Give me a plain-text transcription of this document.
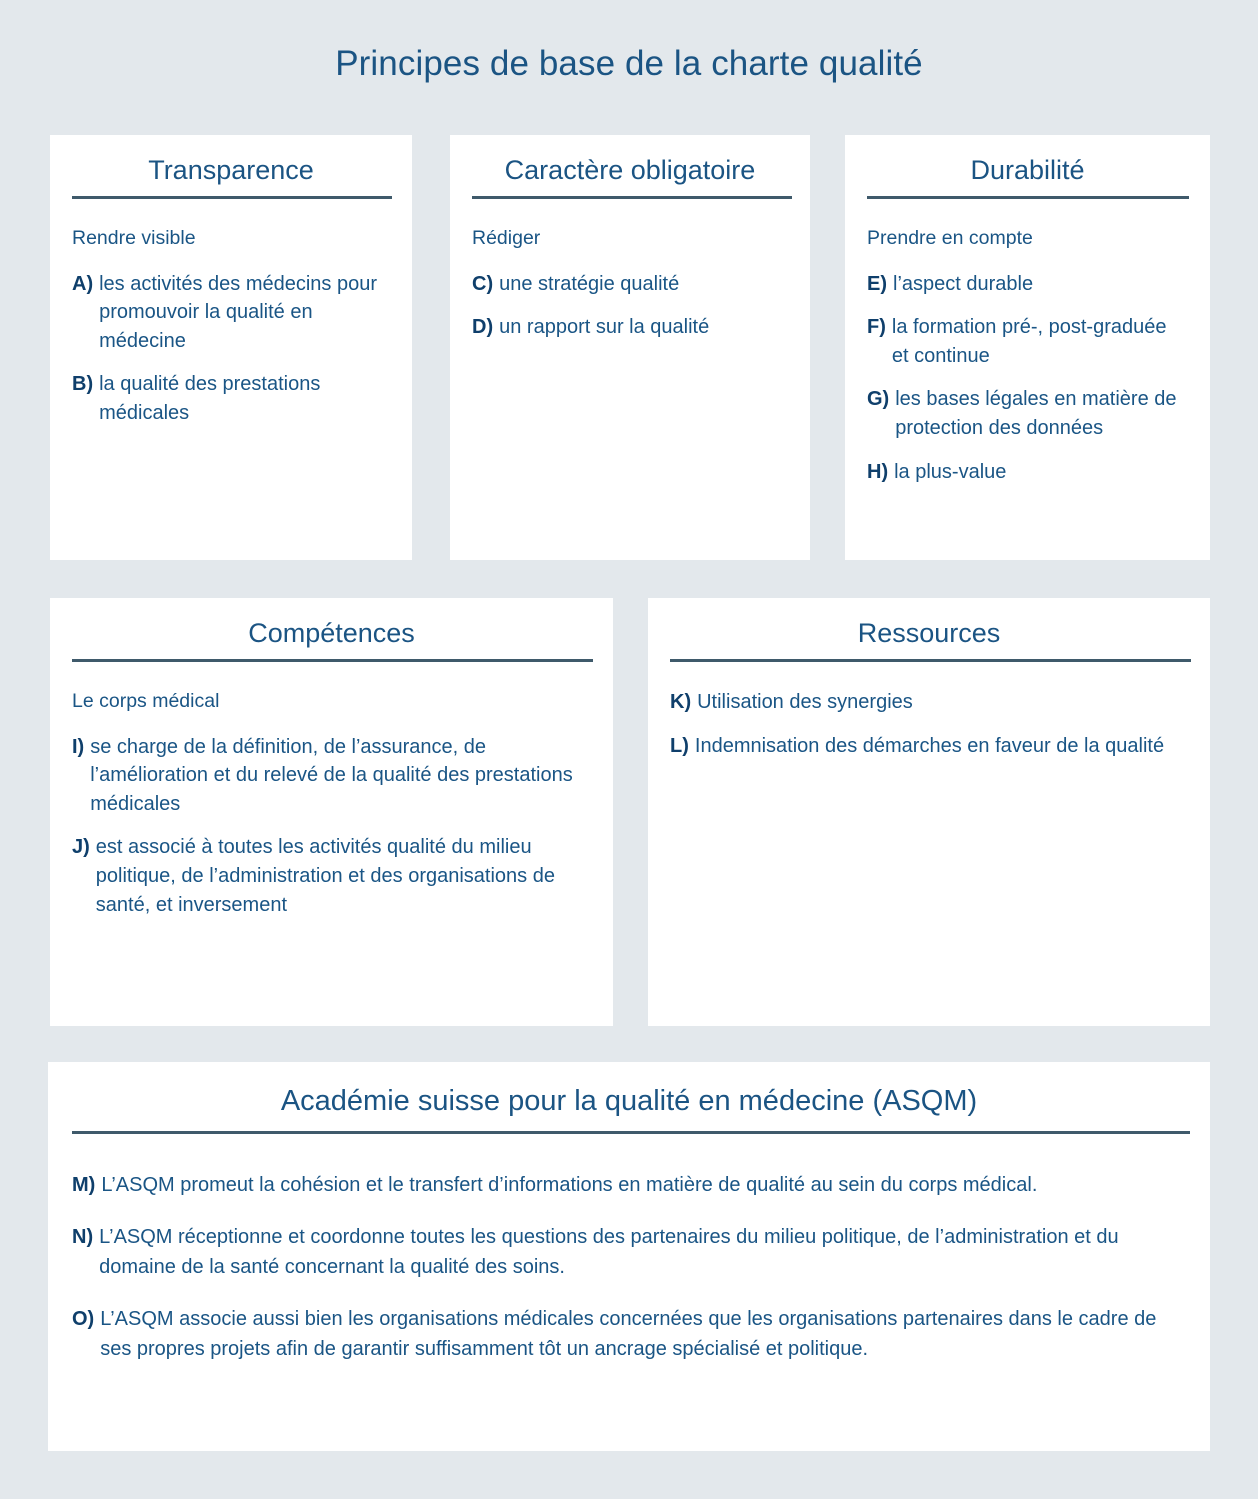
Principes de base de la charte qualité
Transparence
Rendre visible
A) les activités des médecins pour promouvoir la qualité en médecine
B) la qualité des prestations médicales
Caractère obligatoire
Rédiger
C) une stratégie qualité
D) un rapport sur la qualité
Durabilité
Prendre en compte
E) l’aspect durable
F) la formation pré-, post-graduée et continue
G) les bases légales en matière de protection des données
H) la plus-value
Compétences
Le corps médical
I) se charge de la définition, de l’assurance, de l’amélioration et du relevé de la qualité des prestations médicales
J) est associé à toutes les activités qualité du milieu politique, de l’administration et des organisations de santé, et inversement
Ressources
K) Utilisation des synergies
L) Indemnisation des démarches en faveur de la qualité
Académie suisse pour la qualité en médecine (ASQM)
M) L’ASQM promeut la cohésion et le transfert d’informations en matière de qualité au sein du corps médical.
N) L’ASQM réceptionne et coordonne toutes les questions des partenaires du milieu politique, de l’administration et du domaine de la santé concernant la qualité des soins.
O) L’ASQM associe aussi bien les organisations médicales concernées que les organisations partenaires dans le cadre de ses propres projets afin de garantir suffisamment tôt un ancrage spécialisé et politique.
